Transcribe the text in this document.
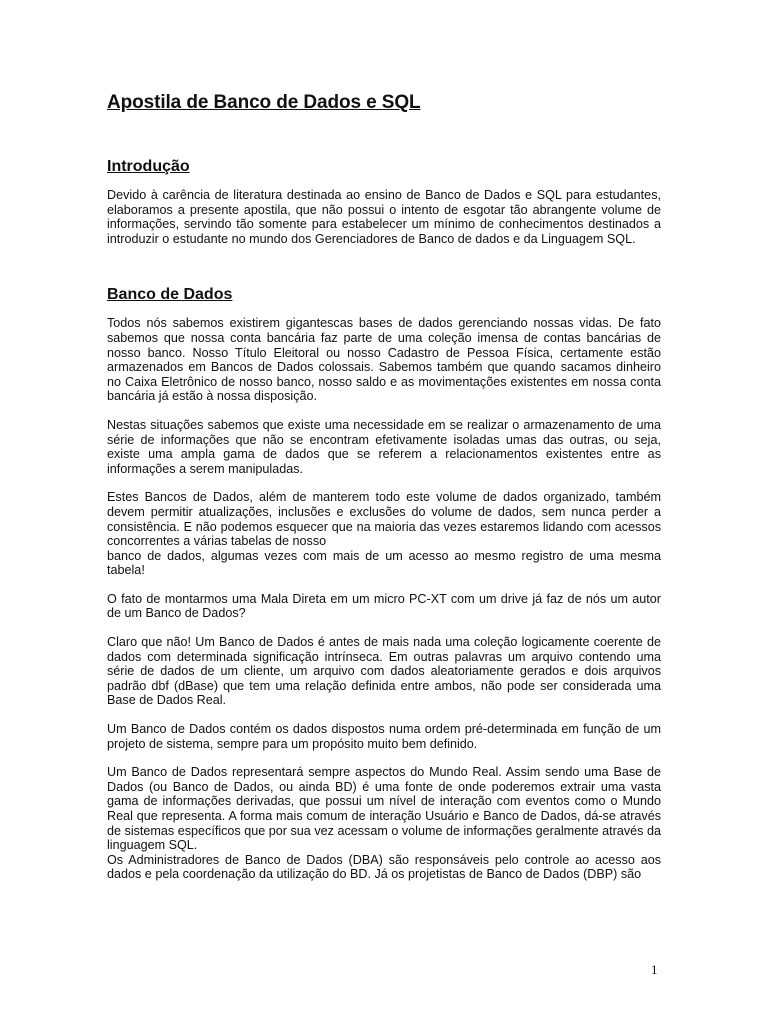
Apostila de Banco de Dados e SQL
Introdução

Devido à carência de literatura destinada ao ensino de Banco de Dados e SQL para estudantes, elaboramos a presente apostila, que não possui o intento de esgotar tão abrangente volume de informações, servindo tão somente para estabelecer um mínimo de conhecimentos destinados a introduzir o estudante no mundo dos Gerenciadores de Banco de dados e da Linguagem SQL.

Banco de Dados

Todos nós sabemos existirem gigantescas bases de dados gerenciando nossas vidas. De fato sabemos que nossa conta bancária faz parte de uma coleção imensa de contas bancárias de nosso banco. Nosso Título Eleitoral ou nosso Cadastro de Pessoa Física, certamente estão armazenados em Bancos de Dados colossais. Sabemos também que quando sacamos dinheiro no Caixa Eletrônico de nosso banco, nosso saldo e as movimentações existentes em nossa conta bancária já estão à nossa disposição.

Nestas situações sabemos que existe uma necessidade em se realizar o armazenamento de uma série de informações que não se encontram efetivamente isoladas umas das outras, ou seja, existe uma ampla gama de dados que se referem a relacionamentos existentes entre as informações a serem manipuladas.

Estes Bancos de Dados, além de manterem todo este volume de dados organizado, também devem permitir atualizações, inclusões e exclusões do volume de dados, sem nunca perder a consistência. E não podemos esquecer que na maioria das vezes estaremos lidando com acessos concorrentes a várias tabelas de nosso

banco de dados, algumas vezes com mais de um acesso ao mesmo registro de uma mesma tabela!

O fato de montarmos uma Mala Direta em um micro PC-XT com um drive já faz de nós um autor de um Banco de Dados?

Claro que não! Um Banco de Dados é antes de mais nada uma coleção logicamente coerente de dados com determinada significação intrínseca. Em outras palavras um arquivo contendo uma série de dados de um cliente, um arquivo com dados aleatoriamente gerados e dois arquivos padrão dbf (dBase) que tem uma relação definida entre ambos, não pode ser considerada uma Base de Dados Real.

Um Banco de Dados contém os dados dispostos numa ordem pré-determinada em função de um projeto de sistema, sempre para um propósito muito bem definido.

Um Banco de Dados representará sempre aspectos do Mundo Real. Assim sendo uma Base de Dados (ou Banco de Dados, ou ainda BD) é uma fonte de onde poderemos extrair uma vasta gama de informações derivadas, que possui um nível de interação com eventos como o Mundo Real que representa. A forma mais comum de interação Usuário e Banco de Dados, dá-se através de sistemas específicos que por sua vez acessam o volume de informações geralmente através da linguagem SQL.

Os Administradores de Banco de Dados (DBA) são responsáveis pelo controle ao acesso aos dados e pela coordenação da utilização do BD. Já os projetistas de Banco de Dados (DBP) são

1
